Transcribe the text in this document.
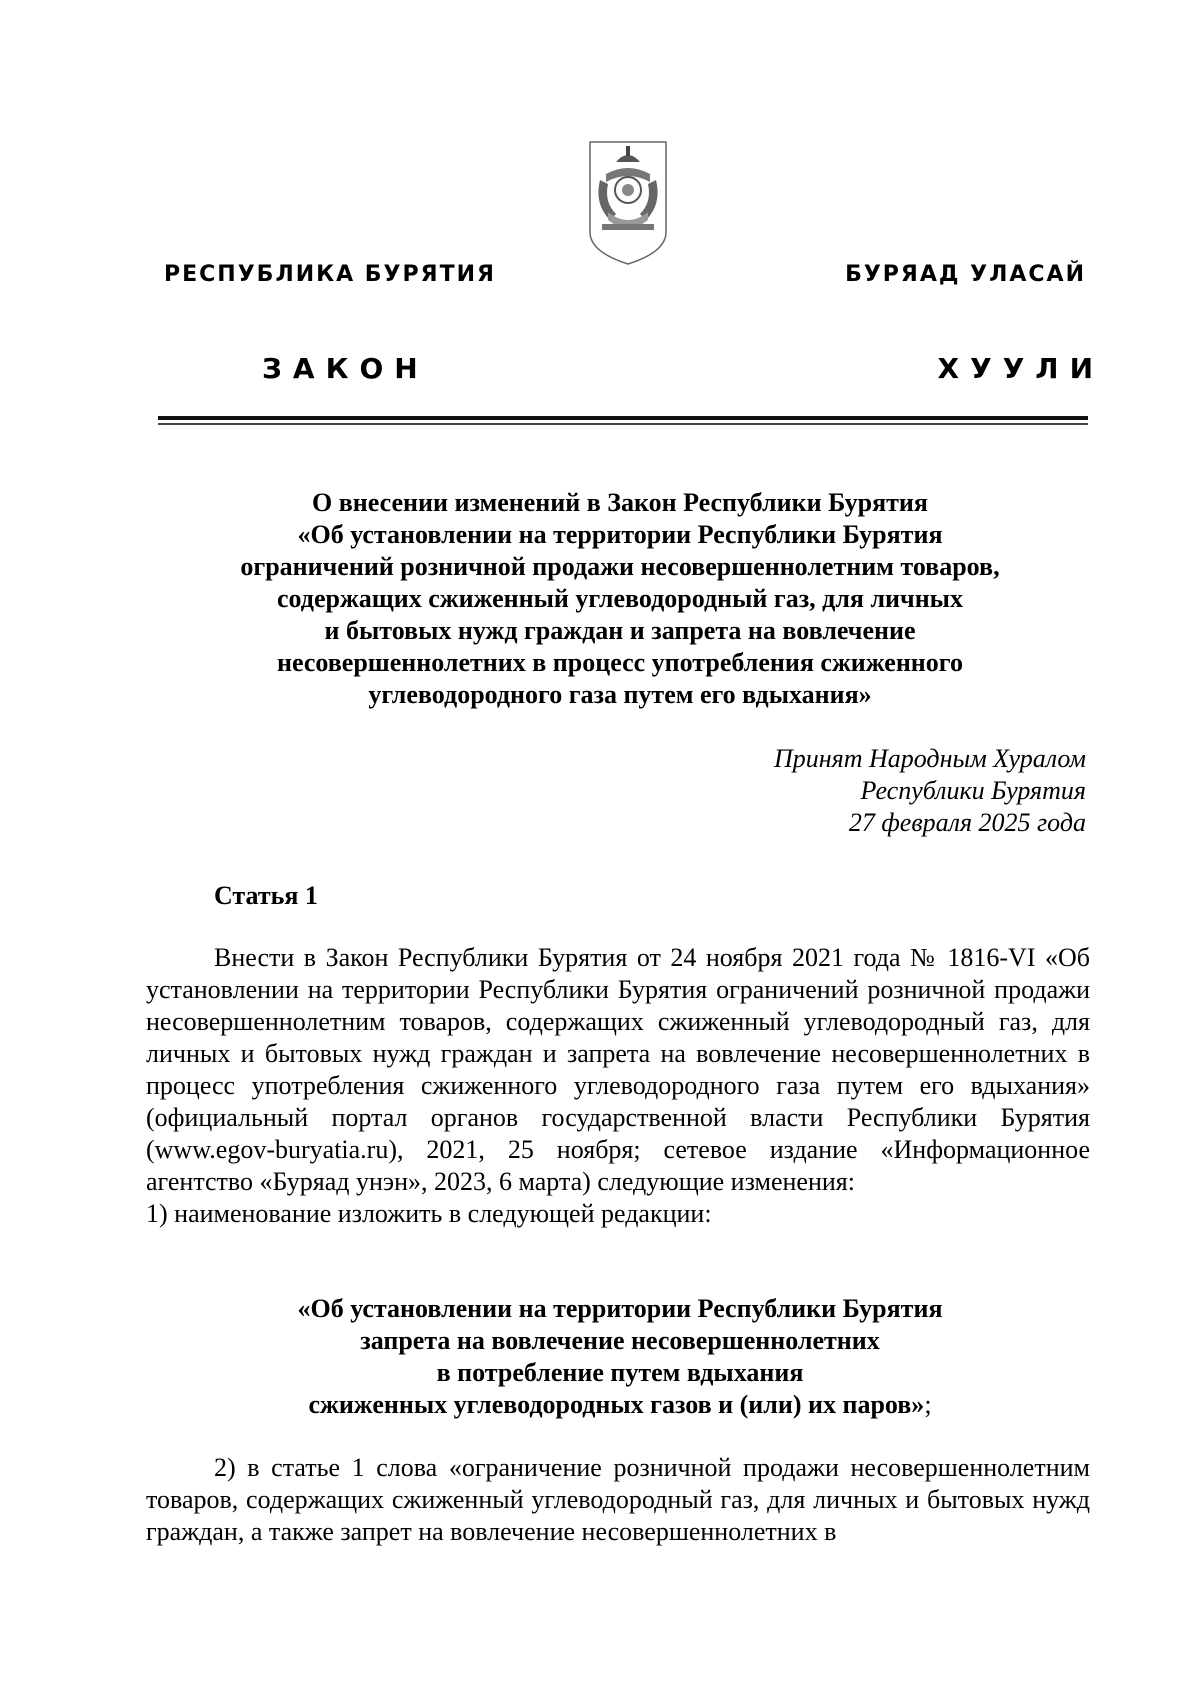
РЕСПУБЛИКА БУРЯТИЯ	БУРЯАД УЛАСАЙ
ЗАКОН	ХУУЛИ
О внесении изменений в Закон Республики Бурятия
«Об установлении на территории Республики Бурятия
ограничений розничной продажи несовершеннолетним товаров,
содержащих сжиженный углеводородный газ, для личных
и бытовых нужд граждан и запрета на вовлечение
несовершеннолетних в процесс употребления сжиженного
углеводородного газа путем его вдыхания»
Принят Народным Хуралом
Республики Бурятия
27 февраля 2025 года
Статья 1
Внести в Закон Республики Бурятия от 24 ноября 2021 года № 1816-VI «Об установлении на территории Республики Бурятия ограничений розничной продажи несовершеннолетним товаров, содержащих сжиженный углеводородный газ, для личных и бытовых нужд граждан и запрета на вовлечение несовершеннолетних в процесс употребления сжиженного углеводородного газа путем его вдыхания» (официальный портал органов государственной власти Республики Бурятия (www.egov-buryatia.ru), 2021, 25 ноября; сетевое издание «Информационное агентство «Буряад унэн», 2023, 6 марта) следующие изменения:
1) наименование изложить в следующей редакции:
«Об установлении на территории Республики Бурятия
запрета на вовлечение несовершеннолетних
в потребление путем вдыхания
сжиженных углеводородных газов и (или) их паров»;
2) в статье 1 слова «ограничение розничной продажи несовершеннолетним товаров, содержащих сжиженный углеводородный газ, для личных и бытовых нужд граждан, а также запрет на вовлечение несовершеннолетних в
